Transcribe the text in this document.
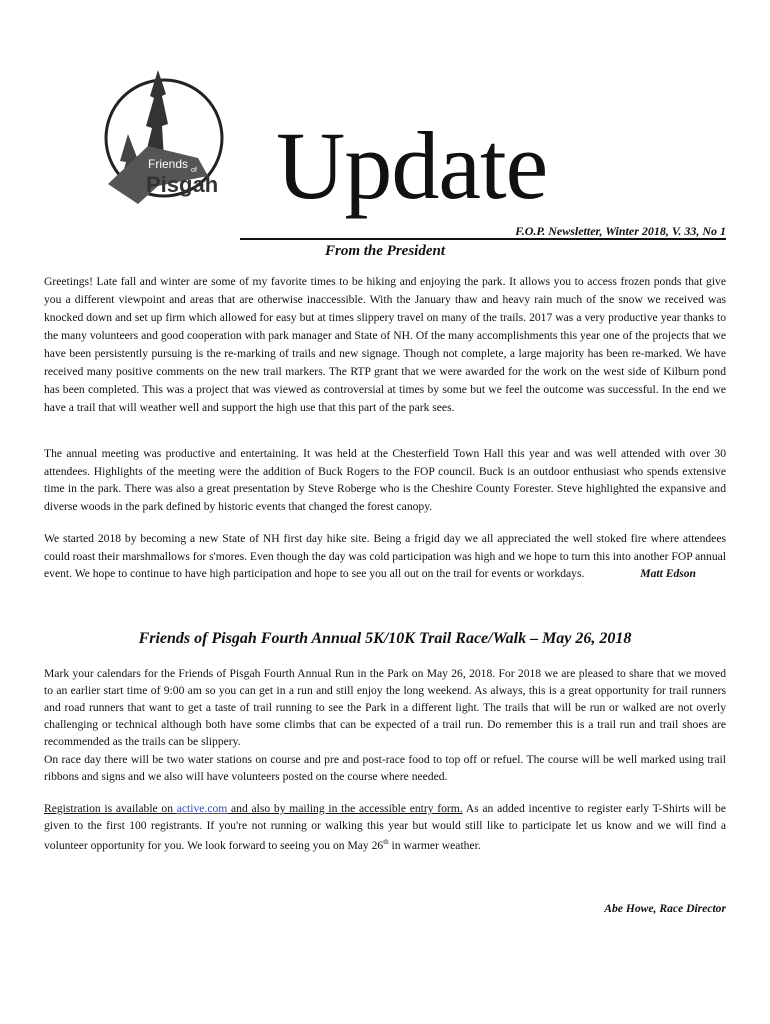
Friends of
Pisgah Update
F.O.P. Newsletter, Winter 2018, V. 33, No 1
From the President
Greetings! Late fall and winter are some of my favorite times to be hiking and enjoying the park. It allows you to access frozen ponds that give you a different viewpoint and areas that are otherwise inaccessible. With the January thaw and heavy rain much of the snow we received was knocked down and set up firm which allowed for easy but at times slippery travel on many of the trails. 2017 was a very productive year thanks to the many volunteers and good cooperation with park manager and State of NH. Of the many accomplishments this year one of the projects that we have been persistently pursuing is the re-marking of trails and new signage. Though not complete, a large majority has been re-marked. We have received many positive comments on the new trail markers. The RTP grant that we were awarded for the work on the west side of Kilburn pond has been completed. This was a project that was viewed as controversial at times by some but we feel the outcome was successful. In the end we have a trail that will weather well and support the high use that this part of the park sees.
The annual meeting was productive and entertaining. It was held at the Chesterfield Town Hall this year and was well attended with over 30 attendees. Highlights of the meeting were the addition of Buck Rogers to the FOP council. Buck is an outdoor enthusiast who spends extensive time in the park. There was also a great presentation by Steve Roberge who is the Cheshire County Forester. Steve highlighted the expansive and diverse woods in the park defined by historic events that changed the forest canopy.
We started 2018 by becoming a new State of NH first day hike site. Being a frigid day we all appreciated the well stoked fire where attendees could roast their marshmallows for s'mores. Even though the day was cold participation was high and we hope to turn this into another FOP annual event. We hope to continue to have high participation and hope to see you all out on the trail for events or workdays.	Matt Edson
Friends of Pisgah Fourth Annual 5K/10K Trail Race/Walk – May 26, 2018
Mark your calendars for the Friends of Pisgah Fourth Annual Run in the Park on May 26, 2018. For 2018 we are pleased to share that we moved to an earlier start time of 9:00 am so you can get in a run and still enjoy the long weekend. As always, this is a great opportunity for trail runners and road runners that want to get a taste of trail running to see the Park in a different light. The trails that will be run or walked are not overly challenging or technical although both have some climbs that can be expected of a trail run. Do remember this is a trail run and trail shoes are recommended as the trails can be slippery.
On race day there will be two water stations on course and pre and post-race food to top off or refuel. The course will be well marked using trail ribbons and signs and we also will have volunteers posted on the course where needed.
Registration is available on active.com and also by mailing in the accessible entry form. As an added incentive to register early T-Shirts will be given to the first 100 registrants. If you're not running or walking this year but would still like to participate let us know and we will find a volunteer opportunity for you. We look forward to seeing you on May 26th in warmer weather.
Abe Howe, Race Director
